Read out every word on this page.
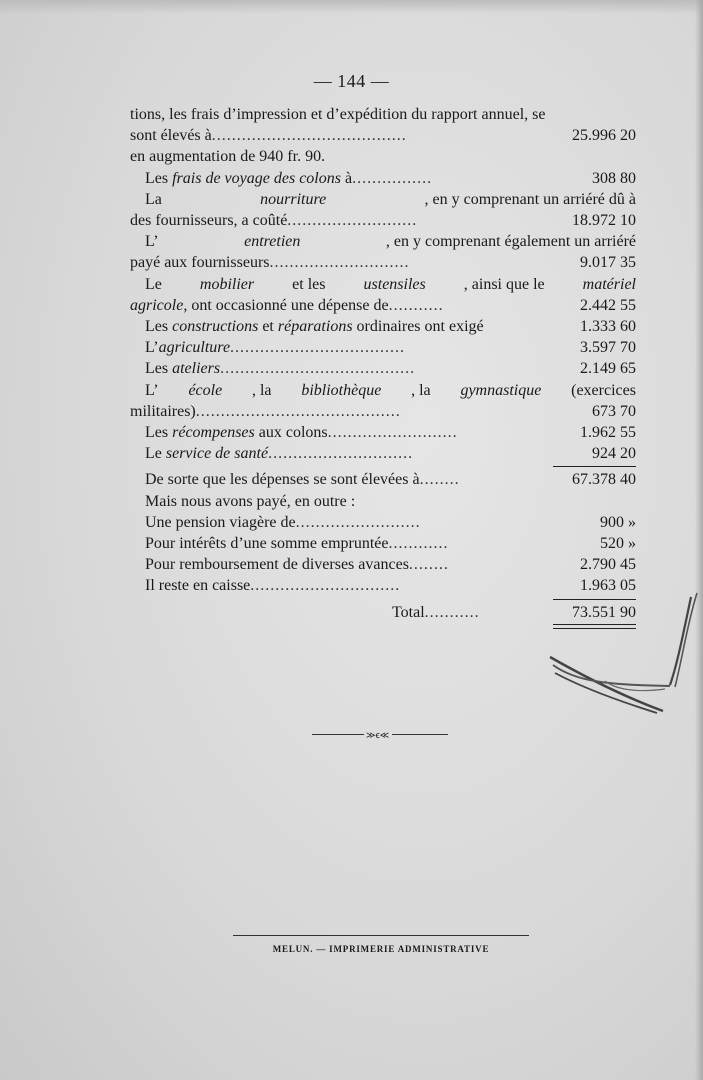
— 144 —
tions, les frais d’impression et d’expédition du rapport annuel, se
sont élevés à.......................................	25.996 20
en augmentation de 940 fr. 90.
Les frais de voyage des colons à................	308 80
La	nourriture	, en y comprenant un arriéré dû à
des fournisseurs, a coûté..........................	18.972 10
L’	entretien	, en y comprenant également un arriéré
payé aux fournisseurs............................	9.017 35
Le mobilier et les ustensiles , ainsi que le matériel
agricole, ont occasionné une dépense de...........	2.442 55
Les constructions et réparations ordinaires ont exigé	1.333 60
L’agriculture...................................	3.597 70
Les ateliers.......................................	2.149 65
L’ école , la bibliothèque , la gymnastique (exercices
militaires).........................................	673 70
Les récompenses aux colons..........................	1.962 55
Le service de santé.............................	924 20
De sorte que les dépenses se sont élevées à........	67.378 40
Mais nous avons payé, en outre :
Une pension viagère de.........................	900 »
Pour intérêts d’une somme empruntée............	520 »
Pour remboursement de diverses avances........	2.790 45
Il reste en caisse..............................	1.963 05
Total...........	73.551 90
≫ꞓ≪
MELUN. — IMPRIMERIE ADMINISTRATIVE
